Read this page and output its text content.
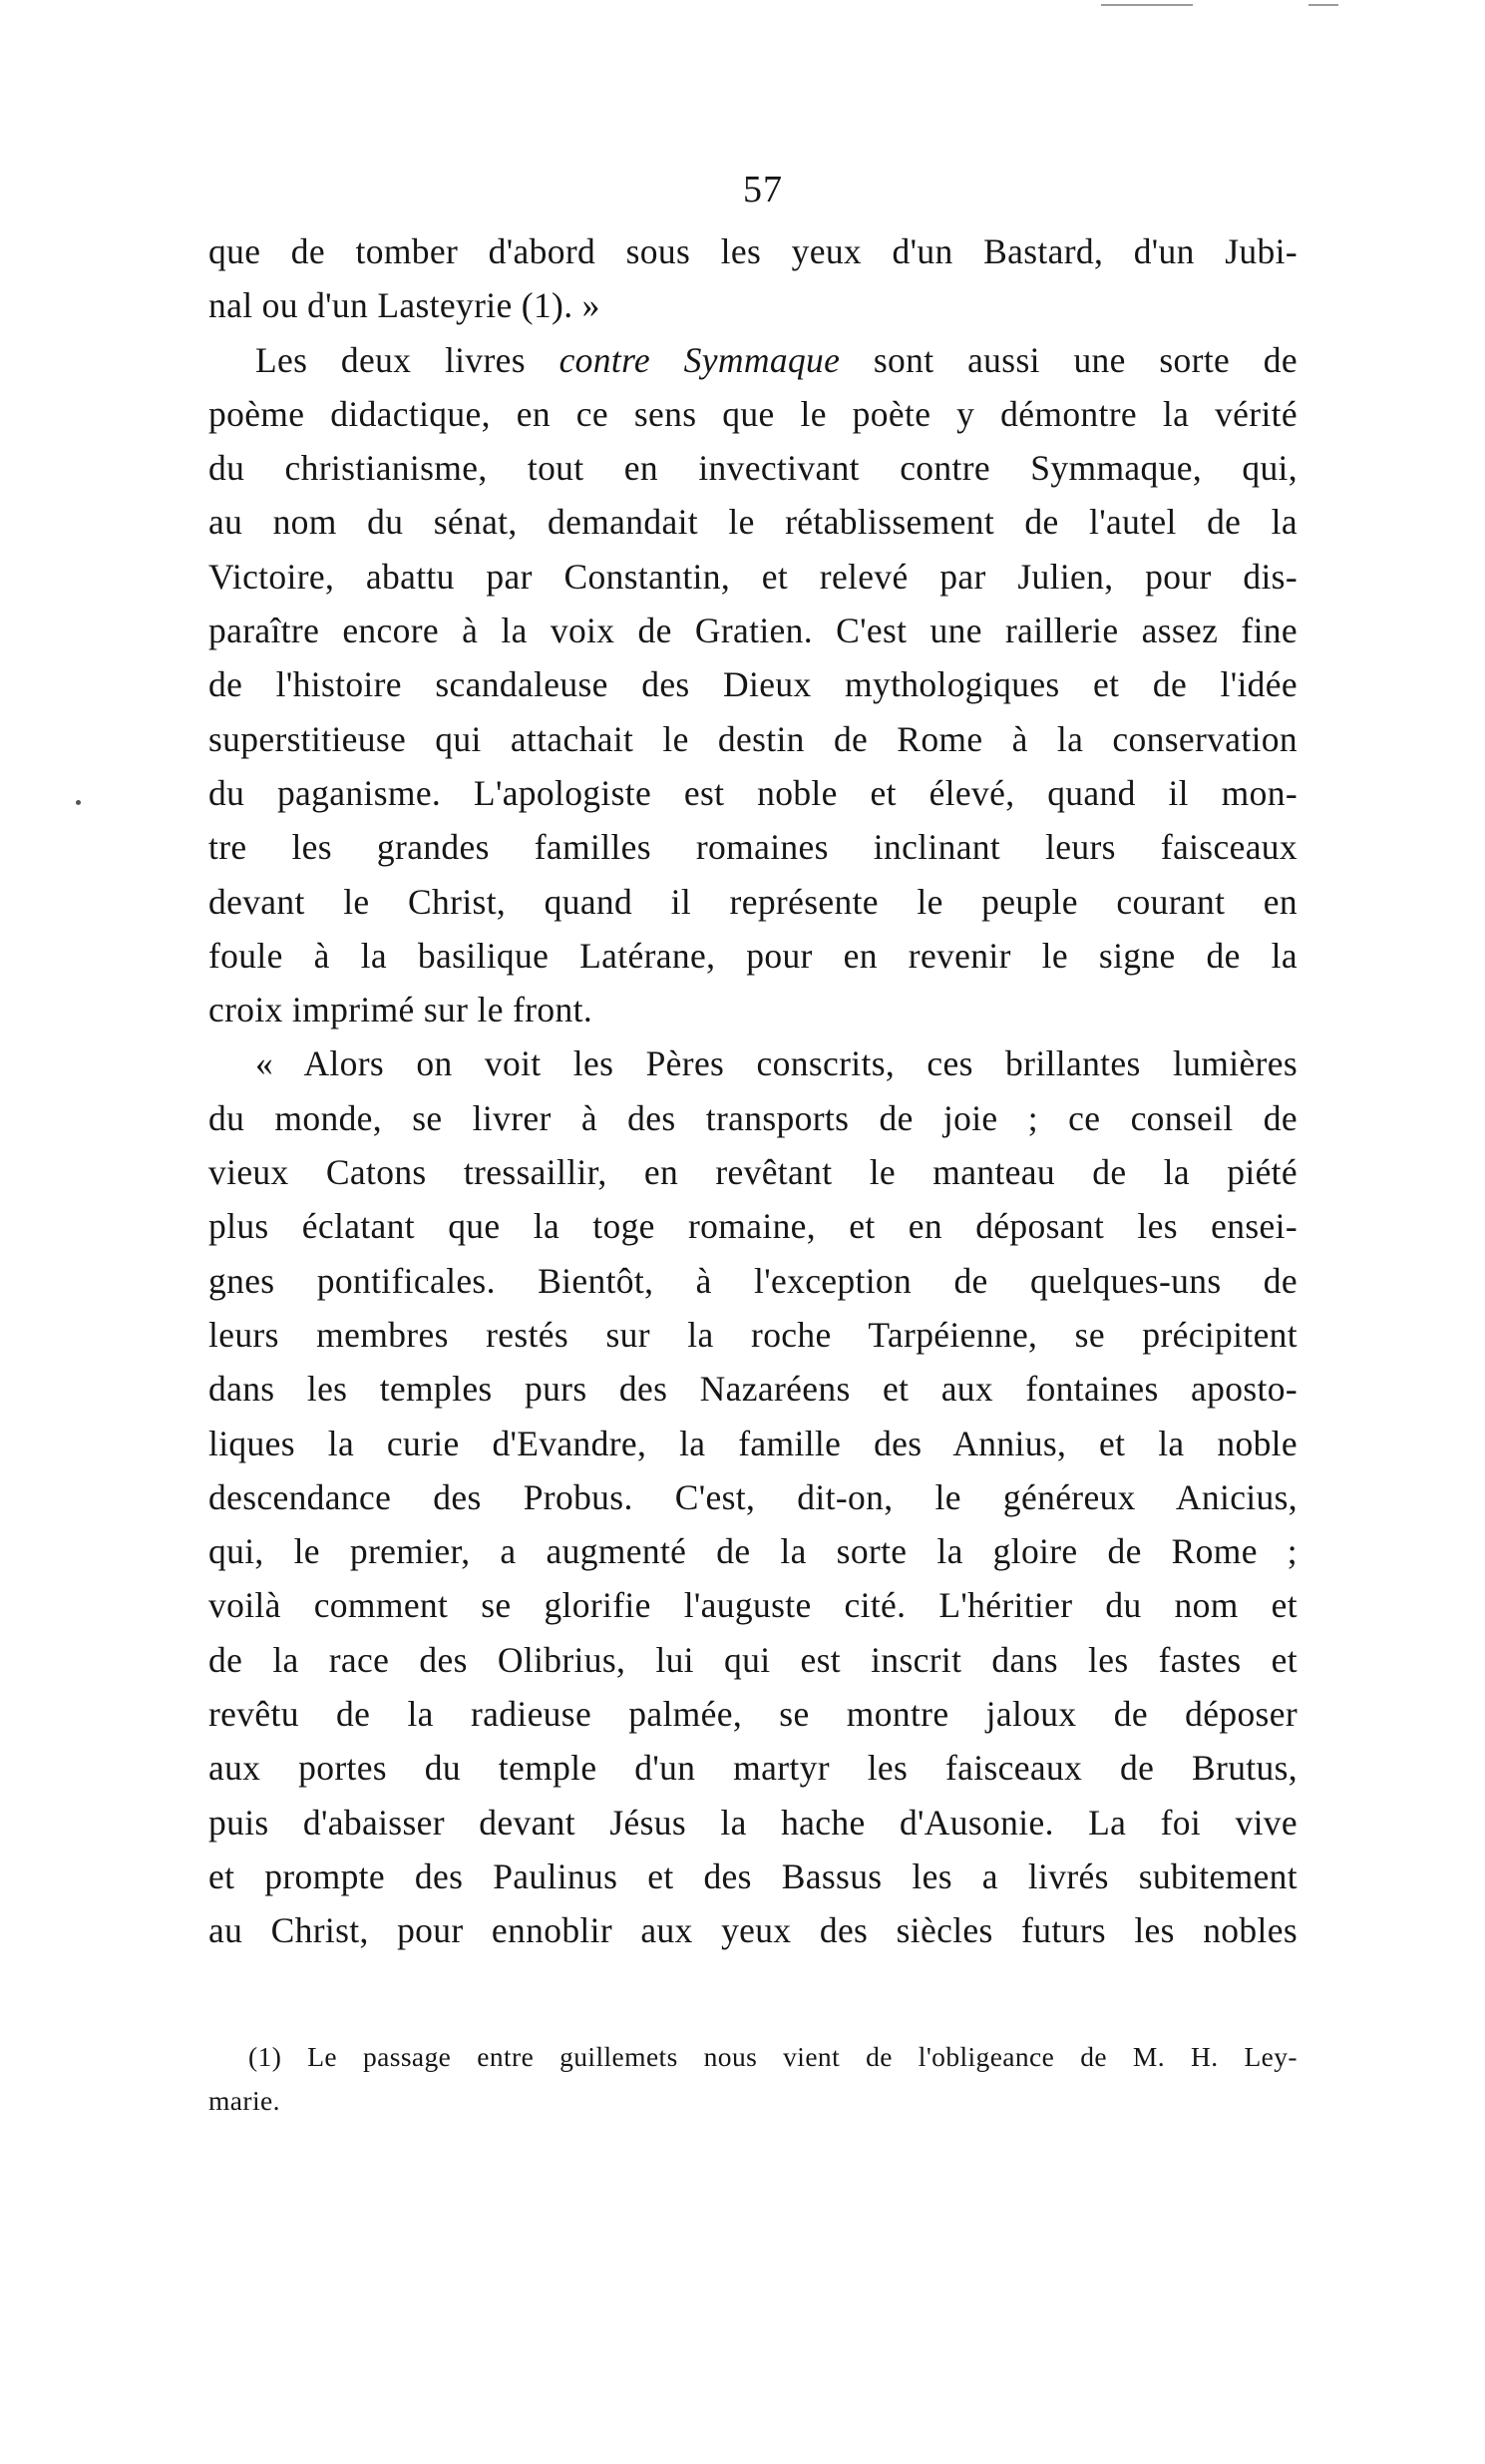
57
que de tomber d'abord sous les yeux d'un Bastard, d'un Jubi-
nal ou d'un Lasteyrie (1). »
Les deux livres contre Symmaque sont aussi une sorte de
poème didactique, en ce sens que le poète y démontre la vérité
du christianisme, tout en invectivant contre Symmaque, qui,
au nom du sénat, demandait le rétablissement de l'autel de la
Victoire, abattu par Constantin, et relevé par Julien, pour dis-
paraître encore à la voix de Gratien. C'est une raillerie assez fine
de l'histoire scandaleuse des Dieux mythologiques et de l'idée
superstitieuse qui attachait le destin de Rome à la conservation
du paganisme. L'apologiste est noble et élevé, quand il mon-
tre les grandes familles romaines inclinant leurs faisceaux
devant le Christ, quand il représente le peuple courant en
foule à la basilique Latérane, pour en revenir le signe de la
croix imprimé sur le front.
« Alors on voit les Pères conscrits, ces brillantes lumières
du monde, se livrer à des transports de joie ; ce conseil de
vieux Catons tressaillir, en revêtant le manteau de la piété
plus éclatant que la toge romaine, et en déposant les ensei-
gnes pontificales. Bientôt, à l'exception de quelques-uns de
leurs membres restés sur la roche Tarpéienne, se précipitent
dans les temples purs des Nazaréens et aux fontaines aposto-
liques la curie d'Evandre, la famille des Annius, et la noble
descendance des Probus. C'est, dit-on, le généreux Anicius,
qui, le premier, a augmenté de la sorte la gloire de Rome ;
voilà comment se glorifie l'auguste cité. L'héritier du nom et
de la race des Olibrius, lui qui est inscrit dans les fastes et
revêtu de la radieuse palmée, se montre jaloux de déposer
aux portes du temple d'un martyr les faisceaux de Brutus,
puis d'abaisser devant Jésus la hache d'Ausonie. La foi vive
et prompte des Paulinus et des Bassus les a livrés subitement
au Christ, pour ennoblir aux yeux des siècles futurs les nobles
(1) Le passage entre guillemets nous vient de l'obligeance de M. H. Ley-
marie.
